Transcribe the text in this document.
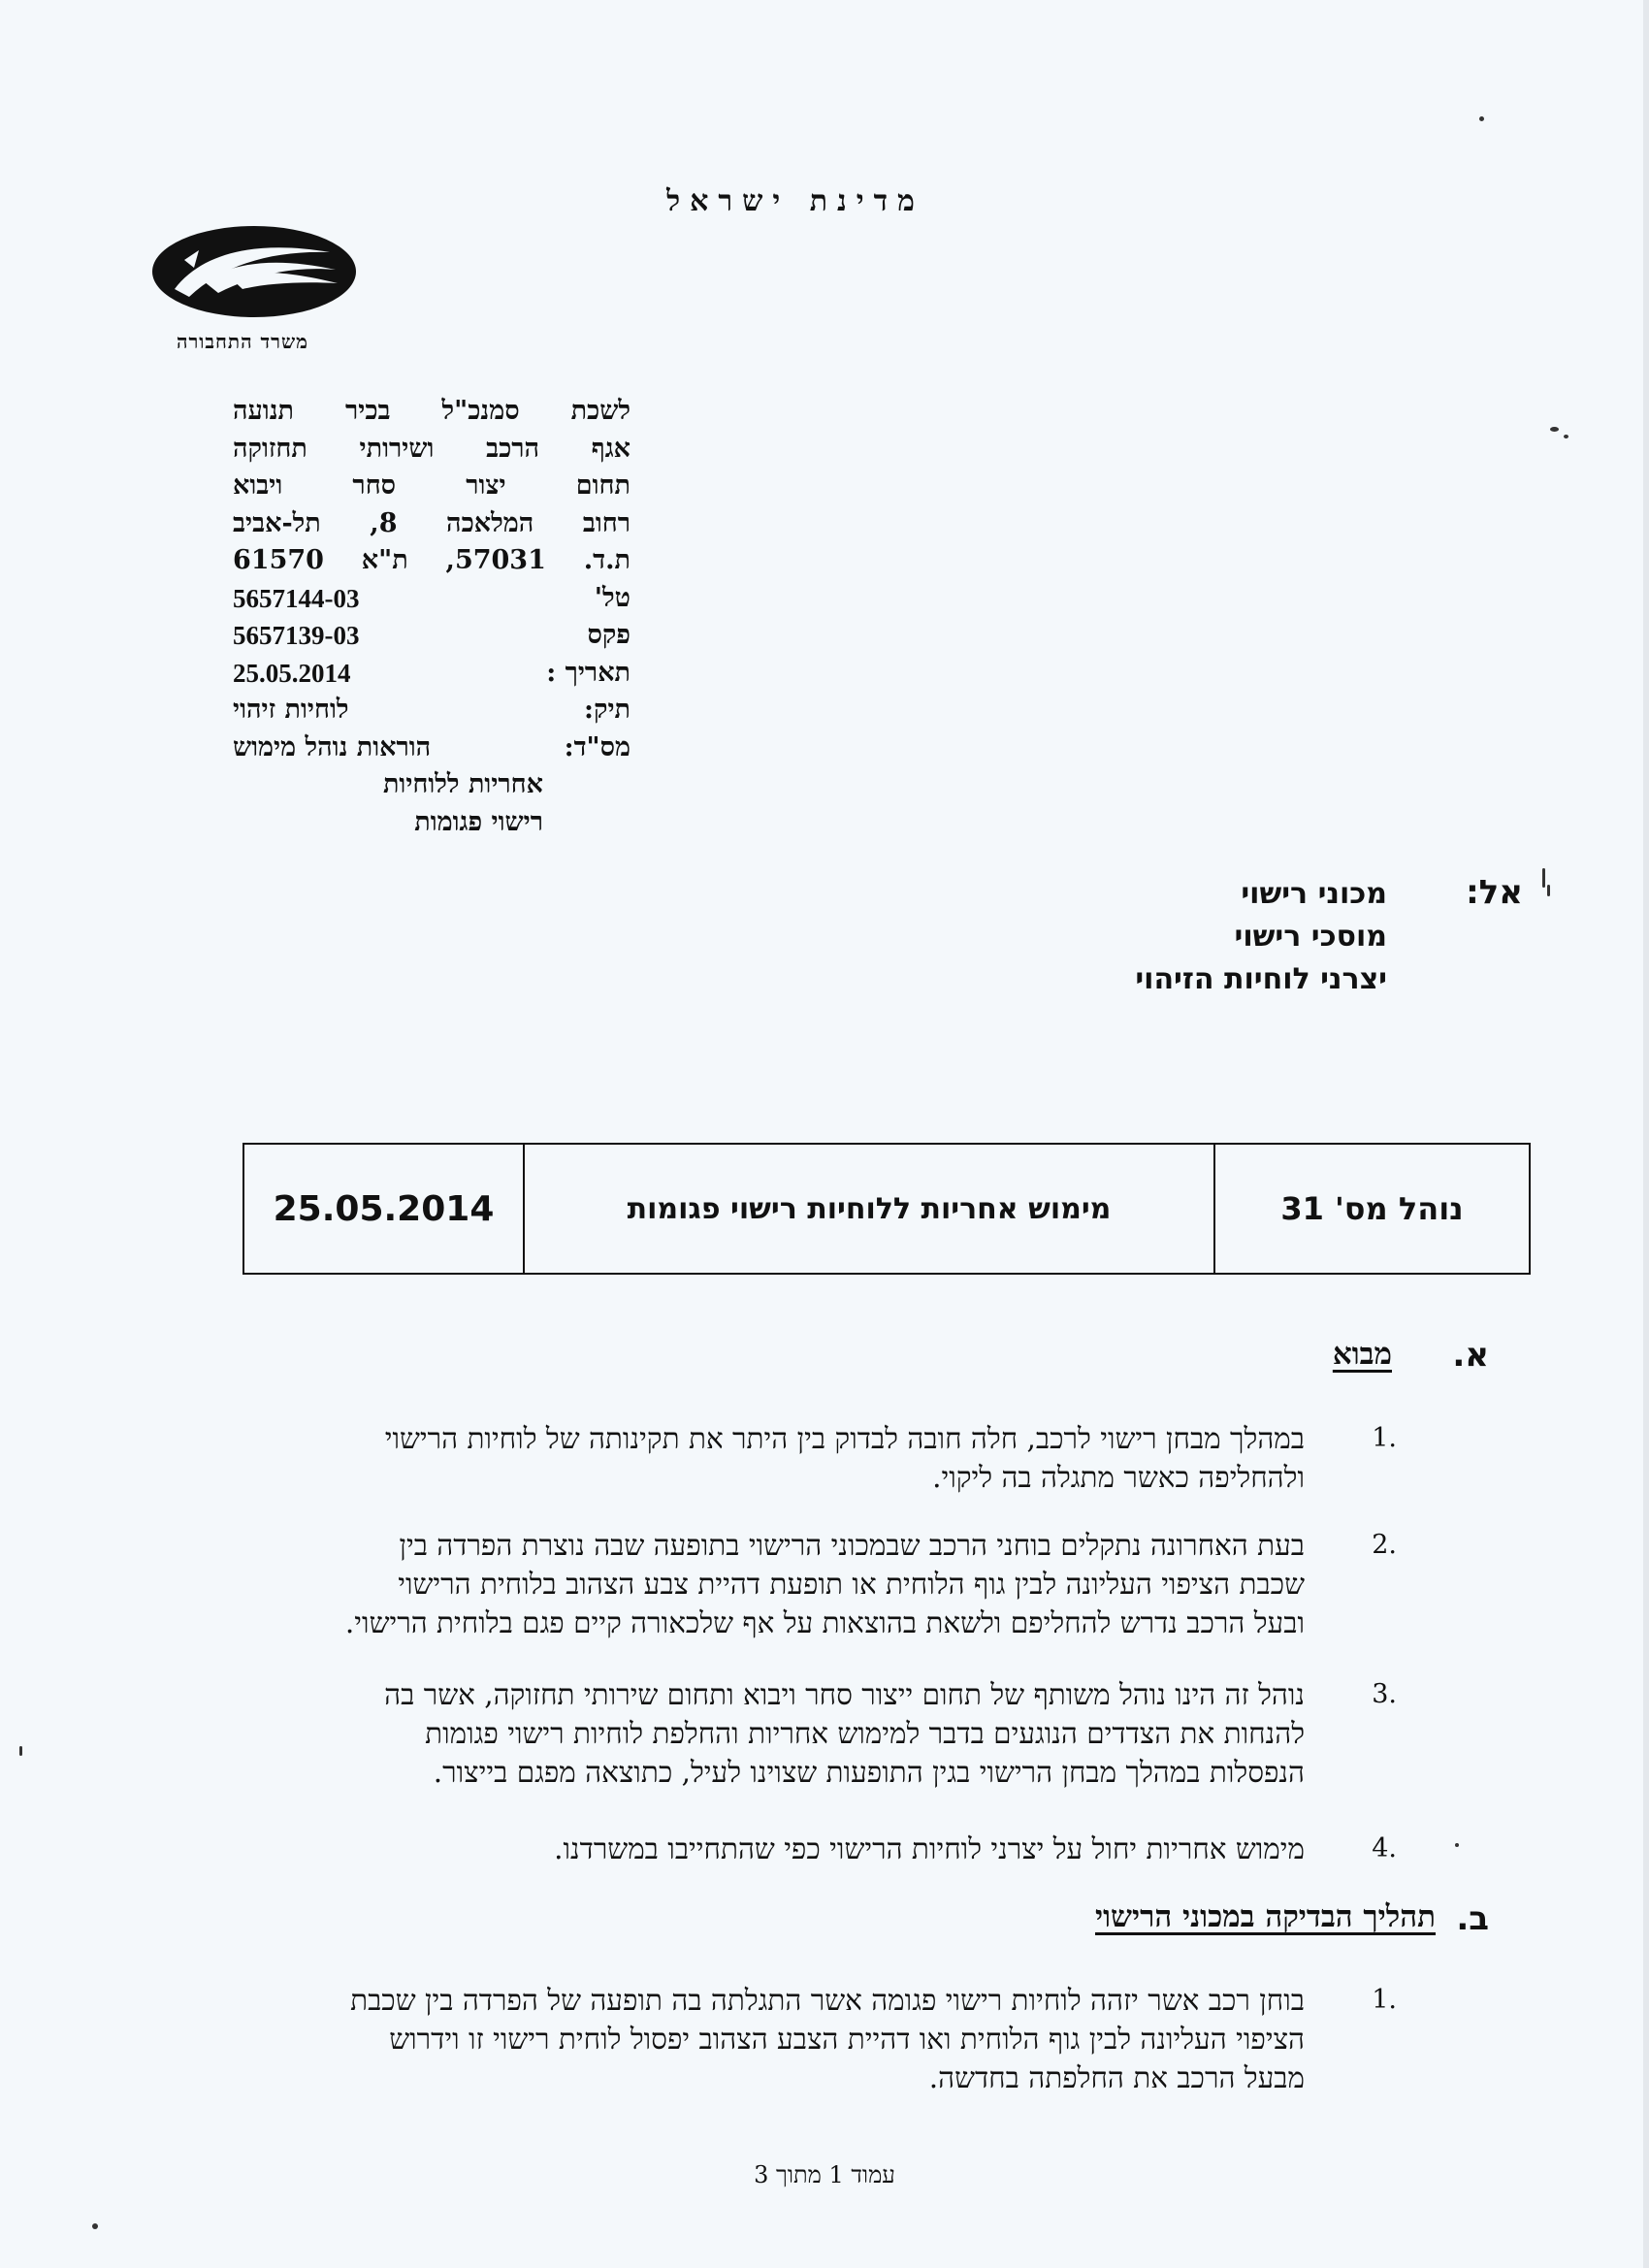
מדינת ישראל
משרד התחבורה
לשכת סמנכ"ל בכיר תנועה
אגף הרכב ושירותי תחזוקה
תחום יצור סחר ויבוא
רחוב המלאכה 8, תל-אביב
ת.ד. 57031, ת"א 61570
טל'
5657144-03
פקס
5657139-03
תאריך :
25.05.2014
תיק:
לוחיות זיהוי
מס"ד:
הוראות נוהל מימוש
אחריות ללוחיות
רישוי פגומות
אל:
מכוני רישוי
מוסכי רישוי
יצרני לוחיות הזיהוי
נוהל מס' 31
מימוש אחריות ללוחיות רישוי פגומות
25.05.2014
א.
מבוא
.1
במהלך מבחן רישוי לרכב, חלה חובה לבדוק בין היתר את תקינותה של לוחיות הרישוי
ולהחליפה כאשר מתגלה בה ליקוי.
.2
בעת האחרונה נתקלים בוחני הרכב שבמכוני הרישוי בתופעה שבה נוצרת הפרדה בין
שכבת הציפוי העליונה לבין גוף הלוחית או תופעת דהיית צבע הצהוב בלוחית הרישוי
ובעל הרכב נדרש להחליפם ולשאת בהוצאות על אף שלכאורה קיים פגם בלוחית הרישוי.
.3
נוהל זה הינו נוהל משותף של תחום ייצור סחר ויבוא ותחום שירותי תחזוקה, אשר בה
להנחות את הצדדים הנוגעים בדבר למימוש אחריות והחלפת לוחיות רישוי פגומות
הנפסלות במהלך מבחן הרישוי בגין התופעות שצוינו לעיל, כתוצאה מפגם בייצור.
.4
מימוש אחריות יחול על יצרני לוחיות הרישוי כפי שהתחייבו במשרדנו.
ב.
תהליך הבדיקה במכוני הרישוי
.1
בוחן רכב אשר יזהה לוחיות רישוי פגומה אשר התגלתה בה תופעה של הפרדה בין שכבת
הציפוי העליונה לבין גוף הלוחית ואו דהיית הצבע הצהוב יפסול לוחית רישוי זו וידרוש
מבעל הרכב את החלפתה בחדשה.
עמוד 1 מתוך 3
